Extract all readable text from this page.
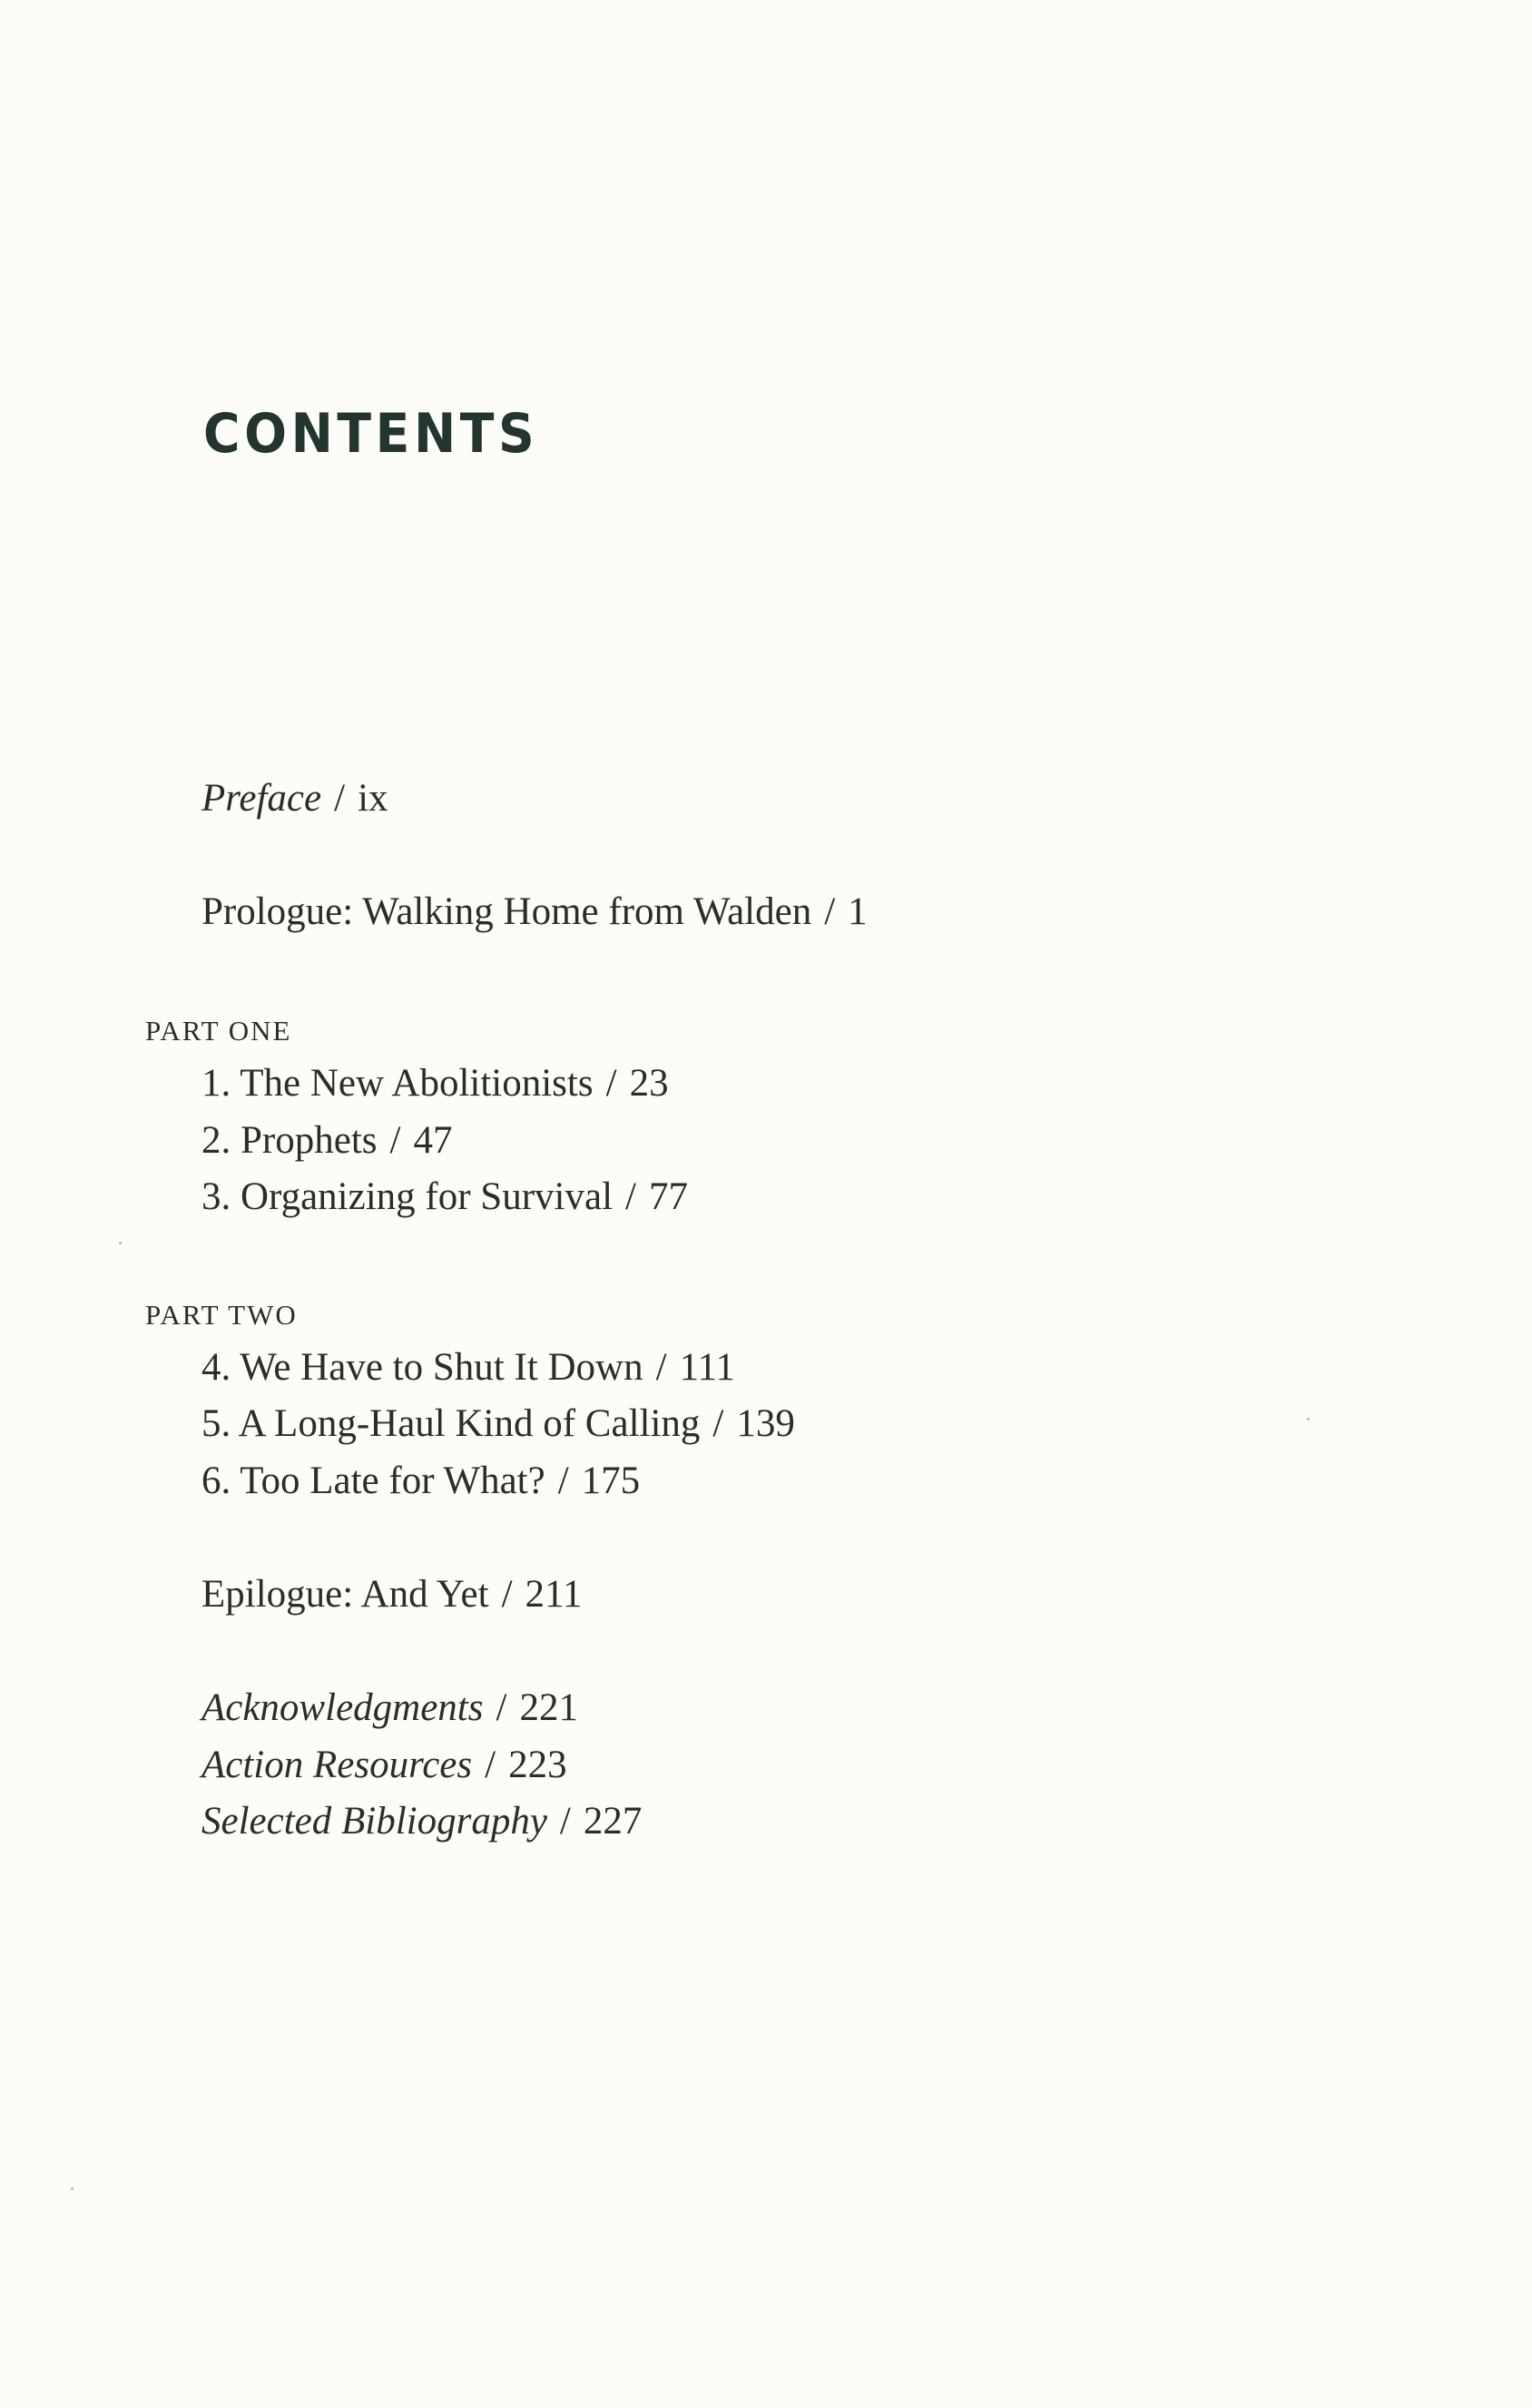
CONTENTS
Preface / ix
Prologue: Walking Home from Walden / 1
PART ONE
1. The New Abolitionists / 23
2. Prophets / 47
3. Organizing for Survival / 77
PART TWO
4. We Have to Shut It Down / 111
5. A Long-Haul Kind of Calling / 139
6. Too Late for What? / 175
Epilogue: And Yet / 211
Acknowledgments / 221
Action Resources / 223
Selected Bibliography / 227
